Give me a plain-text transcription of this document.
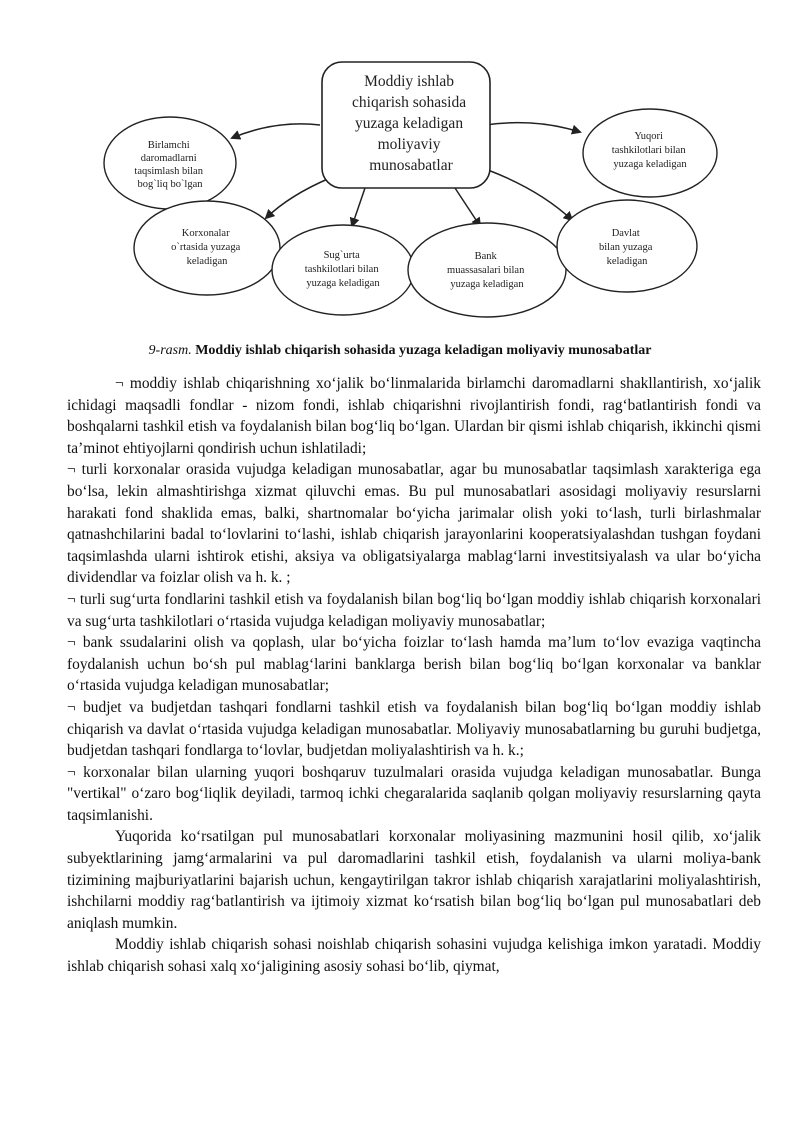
Moddiy ishlab chiqarish sohasida yuzaga keladigan moliyaviy munosabatlar
Birlamchi daromadlarni taqsimlash bilan bog`liq bo`lgan
Yuqori tashkilotlari bilan yuzaga keladigan
Korxonalar o`rtasida yuzaga keladigan
Sug`urta tashkilotlari bilan yuzaga keladigan
Bank muassasalari bilan yuzaga keladigan
Davlat bilan yuzaga keladigan
9-rasm. Moddiy ishlab chiqarish sohasida yuzaga keladigan moliyaviy munosabatlar

¬ moddiy ishlab chiqarishning xo‘jalik bo‘linmalarida birlamchi daromadlarni shakllantirish, xo‘jalik ichidagi maqsadli fondlar - nizom fondi, ishlab chiqarishni rivojlantirish fondi, rag‘batlantirish fondi va boshqalarni tashkil etish va foydalanish bilan bog‘liq bo‘lgan. Ulardan bir qismi ishlab chiqarish, ikkinchi qismi ta’minot ehtiyojlarni qondirish uchun ishlatiladi;

¬ turli korxonalar orasida vujudga keladigan munosabatlar, agar bu munosabatlar taqsimlash xarakteriga ega bo‘lsa, lekin almashtirishga xizmat qiluvchi emas. Bu pul munosabatlari asosidagi moliyaviy resurslarni harakati fond shaklida emas, balki, shartnomalar bo‘yicha jarimalar olish yoki to‘lash, turli birlashmalar qatnashchilarini badal to‘lovlarini to‘lashi, ishlab chiqarish jarayonlarini kooperatsiyalashdan tushgan foydani taqsimlashda ularni ishtirok etishi, aksiya va obligatsiyalarga mablag‘larni investitsiyalash va ular bo‘yicha dividendlar va foizlar olish va h. k. ;

¬ turli sug‘urta fondlarini tashkil etish va foydalanish bilan bog‘liq bo‘lgan moddiy ishlab chiqarish korxonalari va sug‘urta tashkilotlari o‘rtasida vujudga keladigan moliyaviy munosabatlar;

¬ bank ssudalarini olish va qoplash, ular bo‘yicha foizlar to‘lash hamda ma’lum to‘lov evaziga vaqtincha foydalanish uchun bo‘sh pul mablag‘larini banklarga berish bilan bog‘liq bo‘lgan korxonalar va banklar o‘rtasida vujudga keladigan munosabatlar;

¬ budjet va budjetdan tashqari fondlarni tashkil etish va foydalanish bilan bog‘liq bo‘lgan moddiy ishlab chiqarish va davlat o‘rtasida vujudga keladigan munosabatlar. Moliyaviy munosabatlarning bu guruhi budjetga, budjetdan tashqari fondlarga to‘lovlar, budjetdan moliyalashtirish va h. k.;

¬ korxonalar bilan ularning yuqori boshqaruv tuzulmalari orasida vujudga keladigan munosabatlar. Bunga "vertikal" o‘zaro bog‘liqlik deyiladi, tarmoq ichki chegaralarida saqlanib qolgan moliyaviy resurslarning qayta taqsimlanishi.

Yuqorida ko‘rsatilgan pul munosabatlari korxonalar moliyasining mazmunini hosil qilib, xo‘jalik subyektlarining jamg‘armalarini va pul daromadlarini tashkil etish, foydalanish va ularni moliya-bank tizimining majburiyatlarini bajarish uchun, kengaytirilgan takror ishlab chiqarish xarajatlarini moliyalashtirish, ishchilarni moddiy rag‘batlantirish va ijtimoiy xizmat ko‘rsatish bilan bog‘liq bo‘lgan pul munosabatlari deb aniqlash mumkin.

Moddiy ishlab chiqarish sohasi noishlab chiqarish sohasini vujudga kelishiga imkon yaratadi. Moddiy ishlab chiqarish sohasi xalq xo‘jaligining asosiy sohasi bo‘lib, qiymat,
